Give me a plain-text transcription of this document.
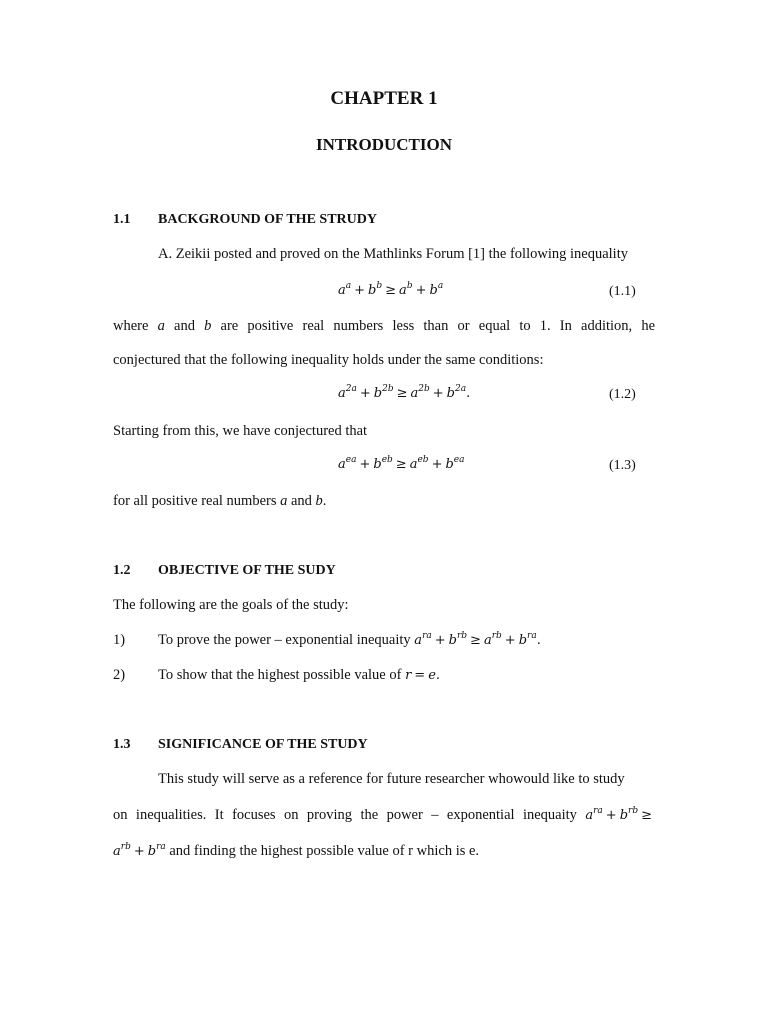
CHAPTER 1
INTRODUCTION
1.1 BACKGROUND OF THE STRUDY
A. Zeikii posted and proved on the Mathlinks Forum [1] the following inequality
$a^a + b^b \ge a^b + b^a$	(1.1)
where a and b are positive real numbers less than or equal to 1. In addition, he
conjectured that the following inequality holds under the same conditions:
$a^{2a} + b^{2b} \ge a^{2b} + b^{2a}$.	(1.2)
Starting from this, we have conjectured that
$a^{ea} + b^{eb} \ge a^{eb} + b^{ea}$	(1.3)
for all positive real numbers a and b.
1.2 OBJECTIVE OF THE SUDY
The following are the goals of the study:
1) To prove the power – exponential inequaity $a^{ra} + b^{rb} \ge a^{rb} + b^{ra}$.
2) To show that the highest possible value of r = e.
1.3 SIGNIFICANCE OF THE STUDY
This study will serve as a reference for future researcher whowould like to study
on inequalities. It focuses on proving the power – exponential inequaity $a^{ra} + b^{rb}$ ≥
$a^{rb} + b^{ra}$ and finding the highest possible value of r which is e.
